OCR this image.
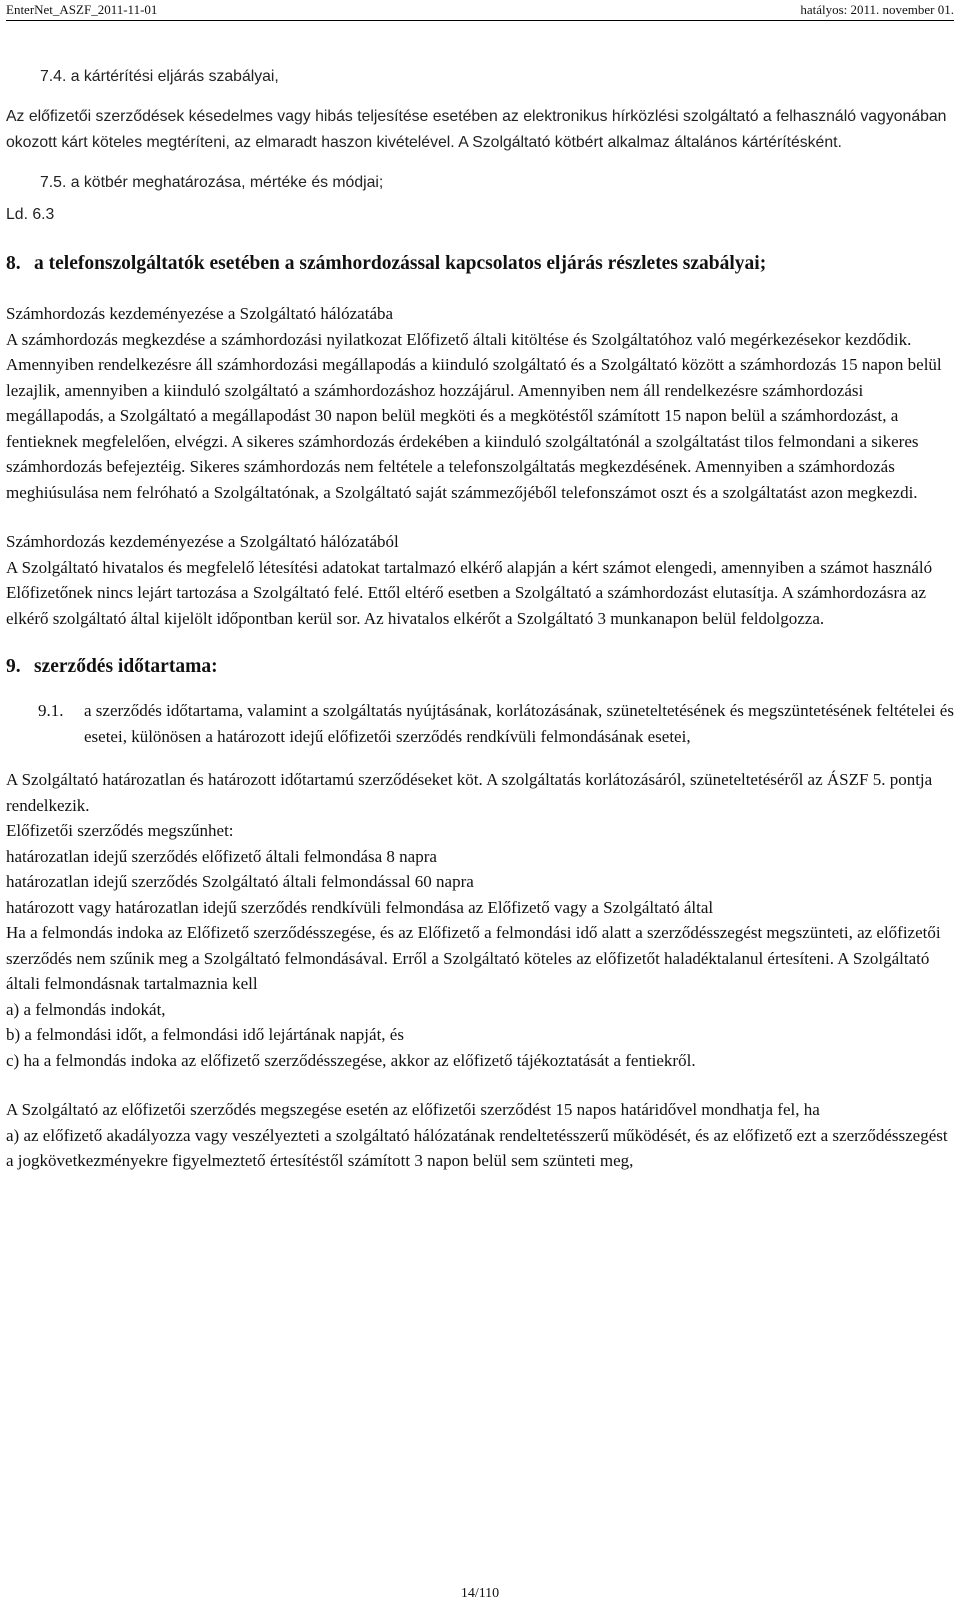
EnterNet_ASZF_2011-11-01	hatályos: 2011. november 01.

7.4. a kártérítési eljárás szabályai,

Az előfizetői szerződések késedelmes vagy hibás teljesítése esetében az elektronikus hírközlési szolgáltató a felhasználó vagyonában okozott kárt köteles megtéríteni, az elmaradt haszon kivételével. A Szolgáltató kötbért alkalmaz általános kártérítésként.

7.5. a kötbér meghatározása, mértéke és módjai;

Ld. 6.3

8. a telefonszolgáltatók esetében a számhordozással kapcsolatos eljárás részletes szabályai;

Számhordozás kezdeményezése a Szolgáltató hálózatába

A számhordozás megkezdése a számhordozási nyilatkozat Előfizető általi kitöltése és Szolgáltatóhoz való megérkezésekor kezdődik. Amennyiben rendelkezésre áll számhordozási megállapodás a kiinduló szolgáltató és a Szolgáltató között a számhordozás 15 napon belül lezajlik, amennyiben a kiinduló szolgáltató a számhordozáshoz hozzájárul. Amennyiben nem áll rendelkezésre számhordozási megállapodás, a Szolgáltató a megállapodást 30 napon belül megköti és a megkötéstől számított 15 napon belül a számhordozást, a fentieknek megfelelően, elvégzi. A sikeres számhordozás érdekében a kiinduló szolgáltatónál a szolgáltatást tilos felmondani a sikeres számhordozás befejeztéig. Sikeres számhordozás nem feltétele a telefonszolgáltatás megkezdésének. Amennyiben a számhordozás meghiúsulása nem felróható a Szolgáltatónak, a Szolgáltató saját számmezőjéből telefonszámot oszt és a szolgáltatást azon megkezdi.

Számhordozás kezdeményezése a Szolgáltató hálózatából

A Szolgáltató hivatalos és megfelelő létesítési adatokat tartalmazó elkérő alapján a kért számot elengedi, amennyiben a számot használó Előfizetőnek nincs lejárt tartozása a Szolgáltató felé. Ettől eltérő esetben a Szolgáltató a számhordozást elutasítja. A számhordozásra az elkérő szolgáltató által kijelölt időpontban kerül sor. Az hivatalos elkérőt a Szolgáltató 3 munkanapon belül feldolgozza.

9. szerződés időtartama:
9.1.	a szerződés időtartama, valamint a szolgáltatás nyújtásának, korlátozásának, szüneteltetésének és megszüntetésének feltételei és esetei, különösen a határozott idejű előfizetői szerződés rendkívüli felmondásának esetei,

A Szolgáltató határozatlan és határozott időtartamú szerződéseket köt. A szolgáltatás korlátozásáról, szüneteltetéséről az ÁSZF 5. pontja rendelkezik.

Előfizetői szerződés megszűnhet:

határozatlan idejű szerződés előfizető általi felmondása 8 napra

határozatlan idejű szerződés Szolgáltató általi felmondással 60 napra

határozott vagy határozatlan idejű szerződés rendkívüli felmondása az Előfizető vagy a Szolgáltató által

Ha a felmondás indoka az Előfizető szerződésszegése, és az Előfizető a felmondási idő alatt a szerződésszegést megszünteti, az előfizetői szerződés nem szűnik meg a Szolgáltató felmondásával. Erről a Szolgáltató köteles az előfizetőt haladéktalanul értesíteni. A Szolgáltató általi felmondásnak tartalmaznia kell

a) a felmondás indokát,

b) a felmondási időt, a felmondási idő lejártának napját, és

c) ha a felmondás indoka az előfizető szerződésszegése, akkor az előfizető tájékoztatását a fentiekről.

A Szolgáltató az előfizetői szerződés megszegése esetén az előfizetői szerződést 15 napos határidővel mondhatja fel, ha

a) az előfizető akadályozza vagy veszélyezteti a szolgáltató hálózatának rendeltetésszerű működését, és az előfizető ezt a szerződésszegést a jogkövetkezményekre figyelmeztető értesítéstől számított 3 napon belül sem szünteti meg,

14/110
